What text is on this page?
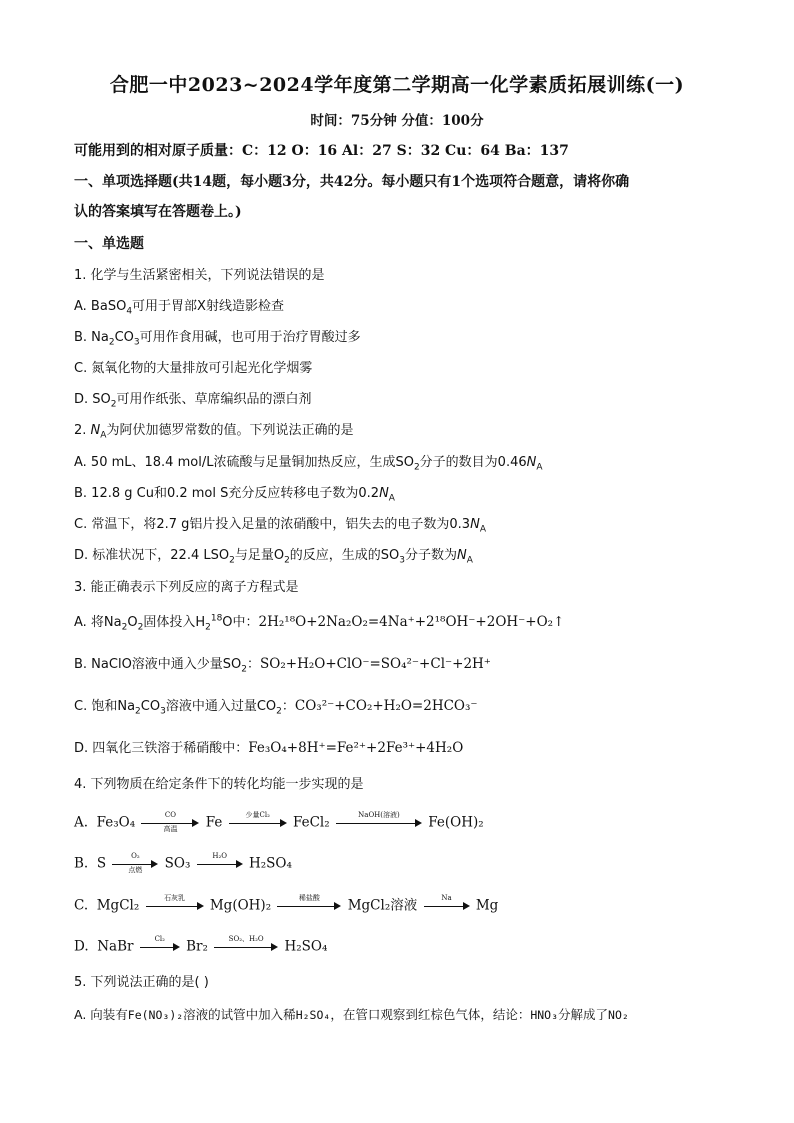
合肥一中2023~2024学年度第二学期高一化学素质拓展训练(一)
时间：75分钟 分值：100分
可能用到的相对原子质量：C：12 O：16 Al：27 S：32 Cu：64 Ba：137
一、单项选择题(共14题，每小题3分，共42分。每小题只有1个选项符合题意，请将你确
认的答案填写在答题卷上。)
一、单选题
1. 化学与生活紧密相关，下列说法错误的是
A. BaSO$_4$可用于胃部X射线造影检查
B. $Na_2CO_3$可用作食用碱，也可用于治疗胃酸过多
C. 氮氧化物的大量排放可引起光化学烟雾
D. $SO_2$可用作纸张、草席编织品的漂白剂
2. $N_A$为阿伏加德罗常数的值。下列说法正确的是
A. 50 mL、18.4 mol/L浓硫酸与足量铜加热反应，生成$SO_2$分子的数目为$0.46N_A$
B. 12.8 g Cu和0.2 mol S充分反应转移电子数为$0.2N_A$
C. 常温下，将2.7 g铝片投入足量的浓硝酸中，铝失去的电子数为$0.3N_A$
D. 标准状况下，22.4 $LSO_2$与足量$O_2$的反应，生成的$SO_3$分子数为$N_A$
3. 能正确表示下列反应的离子方程式是
A. 将$Na_2O_2$固体投入$H_2^{18}O$中：2H₂¹⁸O+2Na₂O₂=4Na⁺+2¹⁸OH⁻+2OH⁻+O₂↑
B. NaClO溶液中通入少量$SO_2$：SO₂+H₂O+ClO⁻=SO₄²⁻+Cl⁻+2H⁺
C. 饱和$Na_2CO_3$溶液中通入过量$CO_2$：CO₃²⁻+CO₂+H₂O=2HCO₃⁻
D. 四氧化三铁溶于稀硝酸中：Fe₃O₄+8H⁺=Fe²⁺+2Fe³⁺+4H₂O
4. 下列物质在给定条件下的转化均能一步实现的是
A. Fe₃O₄	CO
高温	Fe	少量Cl₂	FeCl₂	NaOH(溶液)	Fe(OH)₂
B. S	O₂
点燃	SO₃	H₂O	H₂SO₄
C. MgCl₂	石灰乳	Mg(OH)₂	稀盐酸	MgCl₂溶液	Na	Mg
D. NaBr	Cl₂	Br₂	SO₂、H₂O	H₂SO₄
5. 下列说法正确的是( )
A. 向装有Fe(NO₃)₂溶液的试管中加入稀H₂SO₄，在管口观察到红棕色气体，结论：HNO₃分解成了NO₂
